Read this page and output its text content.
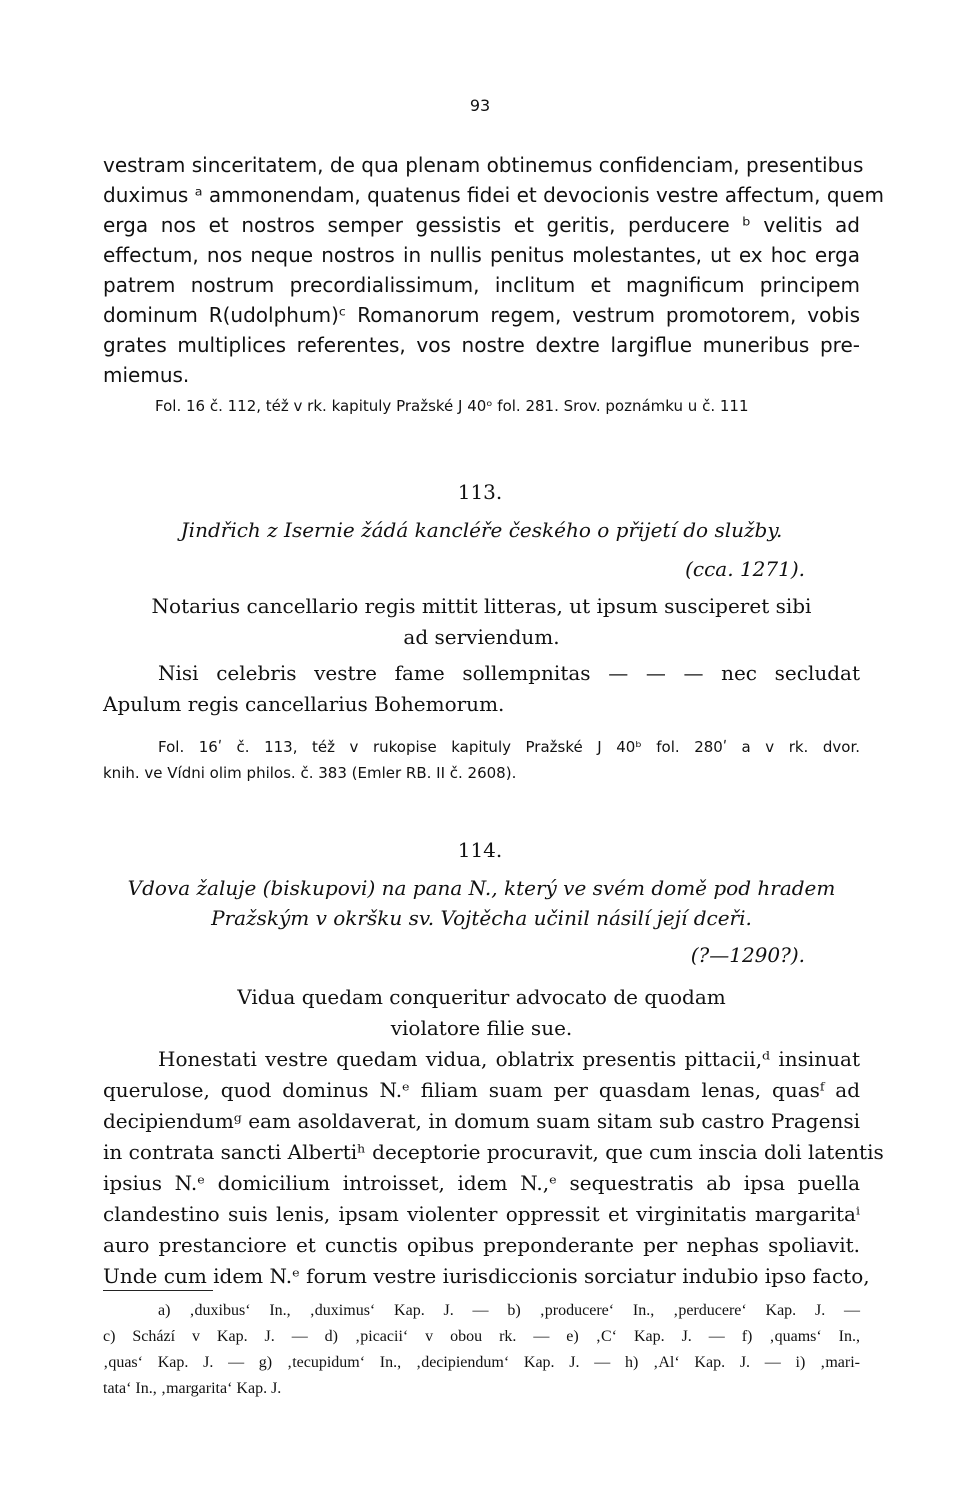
93
vestram sinceritatem, de qua plenam obtinemus confidenciam, presentibus
duximus ᵃ ammonendam, quatenus fidei et devocionis vestre affectum, quem
erga nos et nostros semper gessistis et geritis, perducere ᵇ velitis ad
effectum, nos neque nostros in nullis penitus molestantes, ut ex hoc erga
patrem nostrum precordialissimum, inclitum et magnificum principem
dominum R(udolphum)ᶜ Romanorum regem, vestrum promotorem, vobis
grates multiplices referentes, vos nostre dextre largiflue muneribus pre-
miemus.
Fol. 16 č. 112, též v rk. kapituly Pražské J 40ᵒ fol. 281. Srov. poznámku u č. 111
113.
Jindřich z Isernie žádá kancléře českého o přijetí do služby.
(cca. 1271).
Notarius cancellario regis mittit litteras, ut ipsum susciperet sibi
ad serviendum.
Nisi celebris vestre fame sollempnitas — — — nec secludat
Apulum regis cancellarius Bohemorum.
Fol. 16ʹ č. 113, též v rukopise kapituly Pražské J 40ᵇ fol. 280ʹ a v rk. dvor.
knih. ve Vídni olim philos. č. 383 (Emler RB. II č. 2608).
114.
Vdova žaluje (biskupovi) na pana N., který ve svém domě pod hradem
Pražským v okršku sv. Vojtěcha učinil násilí její dceři.
(?—1290?).
Vidua quedam conqueritur advocato de quodam
violatore filie sue.
Honestati vestre quedam vidua, oblatrix presentis pittacii,ᵈ insinuat
querulose, quod dominus N.ᵉ filiam suam per quasdam lenas, quasᶠ ad
decipiendumᵍ eam asoldaverat, in domum suam sitam sub castro Pragensi
in contrata sancti Albertiʰ deceptorie procuravit, que cum inscia doli latentis
ipsius N.ᵉ domicilium introisset, idem N.,ᵉ sequestratis ab ipsa puella
clandestino suis lenis, ipsam violenter oppressit et virginitatis margaritaⁱ
auro prestanciore et cunctis opibus preponderante per nephas spoliavit.
Unde cum idem N.ᵉ forum vestre iurisdiccionis sorciatur indubio ipso facto,
a) ‚duxibus‘ In., ‚duximus‘ Kap. J. — b) ‚producere‘ In., ‚perducere‘ Kap. J. —
c) Schází v Kap. J. — d) ‚picacii‘ v obou rk. — e) ‚C‘ Kap. J. — f) ‚quams‘ In.,
‚quas‘ Kap. J. — g) ‚tecupidum‘ In., ‚decipiendum‘ Kap. J. — h) ‚Al‘ Kap. J. — i) ‚mari-
tata‘ In., ‚margarita‘ Kap. J.
